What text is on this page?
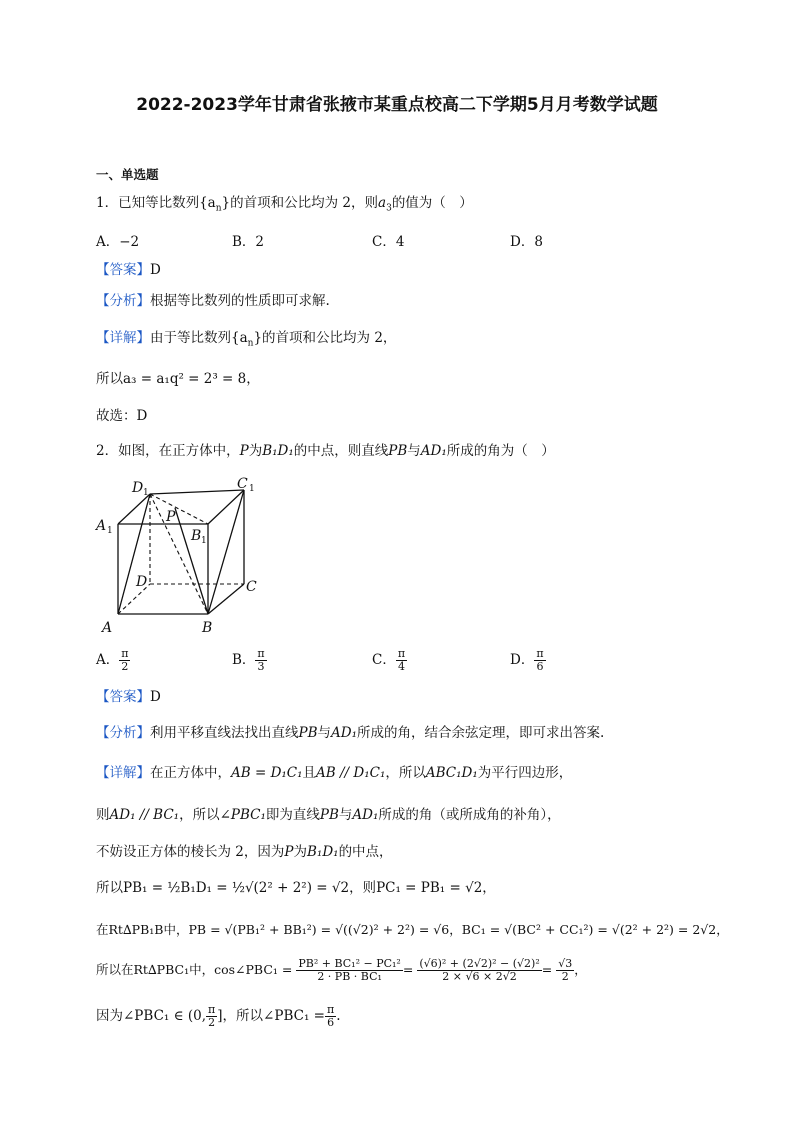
2022-2023学年甘肃省张掖市某重点校高二下学期5月月考数学试题
一、单选题
1．已知等比数列$\{a_n\}$的首项和公比均为 2，则$a_3$的值为（　）
A．−2	B．2	C．4	D．8
【答案】D
【分析】根据等比数列的性质即可求解.
【详解】由于等比数列$\{a_n\}$的首项和公比均为 2，
所以a₃ = a₁q² = 2³ = 8，
故选：D
2．如图，在正方体中，P为B₁D₁的中点，则直线PB与AD₁所成的角为（　）
D 1
C 1
A 1
P
B 1
D	C
A	B
A． $\frac{\pi}{2}$	B． $\frac{\pi}{3}$	C． $\frac{\pi}{4}$	D． $\frac{\pi}{6}$
【答案】D
【分析】利用平移直线法找出直线PB与AD₁所成的角，结合余弦定理，即可求出答案.
【详解】在正方体中，AB = D₁C₁且AB // D₁C₁，所以ABC₁D₁为平行四边形，
则AD₁ // BC₁，所以∠PBC₁即为直线PB与AD₁所成的角（或所成角的补角），
不妨设正方体的棱长为 2，因为P为B₁D₁的中点，
所以PB₁ = ½B₁D₁ = ½√(2² + 2²) = √2，则PC₁ = PB₁ = √2，
在Rt∆PB₁B中，PB = √(PB₁² + BB₁²) = √((√2)² + 2²) = √6，BC₁ = √(BC² + CC₁²) = √(2² + 2²) = 2√2，
所以在Rt∆PBC₁中，cos∠PBC₁ = $\frac{\text{PB² + BC₁² − PC₁²}}{\text{2 · PB · BC₁}} = \frac{\text{(√6)² + (2√2)² − (√2)²}}{2 \times √6 \times 2√2} = \frac{√3}{2}$ ，
因为∠PBC₁ ∈ (0, $\frac{\pi}{2}$ ]，所以∠PBC₁ = $\frac{\pi}{6}$ .
